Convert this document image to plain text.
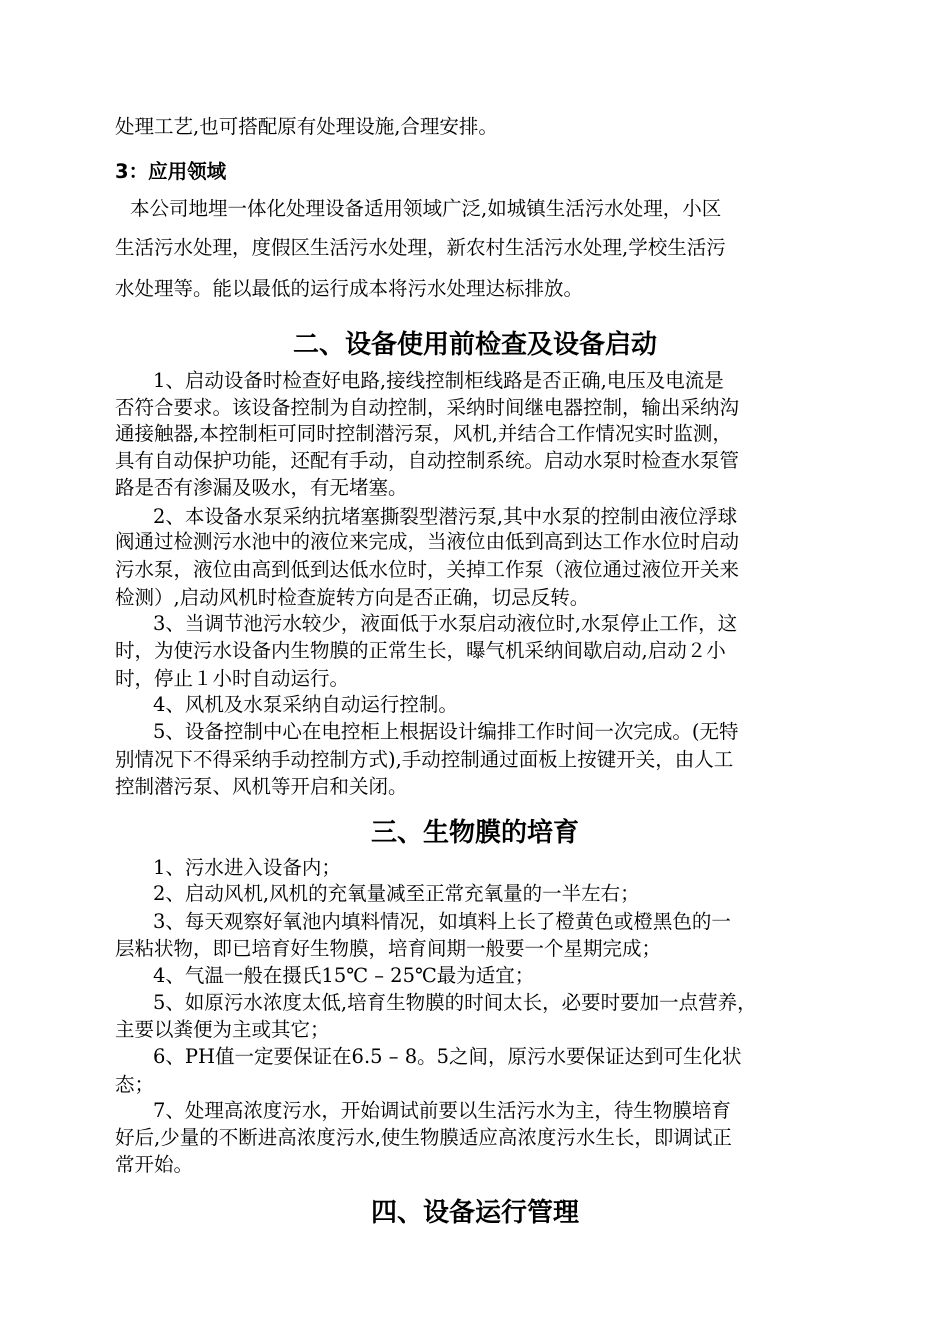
处理工艺,也可搭配原有处理设施,合理安排。
3：应用领域
本公司地埋一体化处理设备适用领域广泛,如城镇生活污水处理，小区
生活污水处理，度假区生活污水处理，新农村生活污水处理,学校生活污
水处理等。能以最低的运行成本将污水处理达标排放。
二、设备使用前检查及设备启动
1、启动设备时检查好电路,接线控制柜线路是否正确,电压及电流是
否符合要求。该设备控制为自动控制，采纳时间继电器控制，输出采纳沟
通接触器,本控制柜可同时控制潜污泵，风机,并结合工作情况实时监测，
具有自动保护功能，还配有手动，自动控制系统。启动水泵时检查水泵管
路是否有渗漏及吸水，有无堵塞。
2、本设备水泵采纳抗堵塞撕裂型潜污泵,其中水泵的控制由液位浮球
阀通过检测污水池中的液位来完成，当液位由低到高到达工作水位时启动
污水泵，液位由高到低到达低水位时，关掉工作泵（液位通过液位开关来
检测）,启动风机时检查旋转方向是否正确，切忌反转。
3、当调节池污水较少，液面低于水泵启动液位时,水泵停止工作，这
时，为使污水设备内生物膜的正常生长，曝气机采纳间歇启动,启动２小
时，停止１小时自动运行。
4、风机及水泵采纳自动运行控制。
5、设备控制中心在电控柜上根据设计编排工作时间一次完成。(无特
别情况下不得采纳手动控制方式),手动控制通过面板上按键开关，由人工
控制潜污泵、风机等开启和关闭。
三、生物膜的培育
1、污水进入设备内；
2、启动风机,风机的充氧量减至正常充氧量的一半左右；
3、每天观察好氧池内填料情况，如填料上长了橙黄色或橙黑色的一
层粘状物，即已培育好生物膜，培育间期一般要一个星期完成；
4、气温一般在摄氏15℃ – 25℃最为适宜；
5、如原污水浓度太低,培育生物膜的时间太长，必要时要加一点营养，
主要以粪便为主或其它；
6、PH值一定要保证在6.5 – 8。5之间，原污水要保证达到可生化状
态；
7、处理高浓度污水，开始调试前要以生活污水为主，待生物膜培育
好后,少量的不断进高浓度污水,使生物膜适应高浓度污水生长，即调试正
常开始。
四、设备运行管理
